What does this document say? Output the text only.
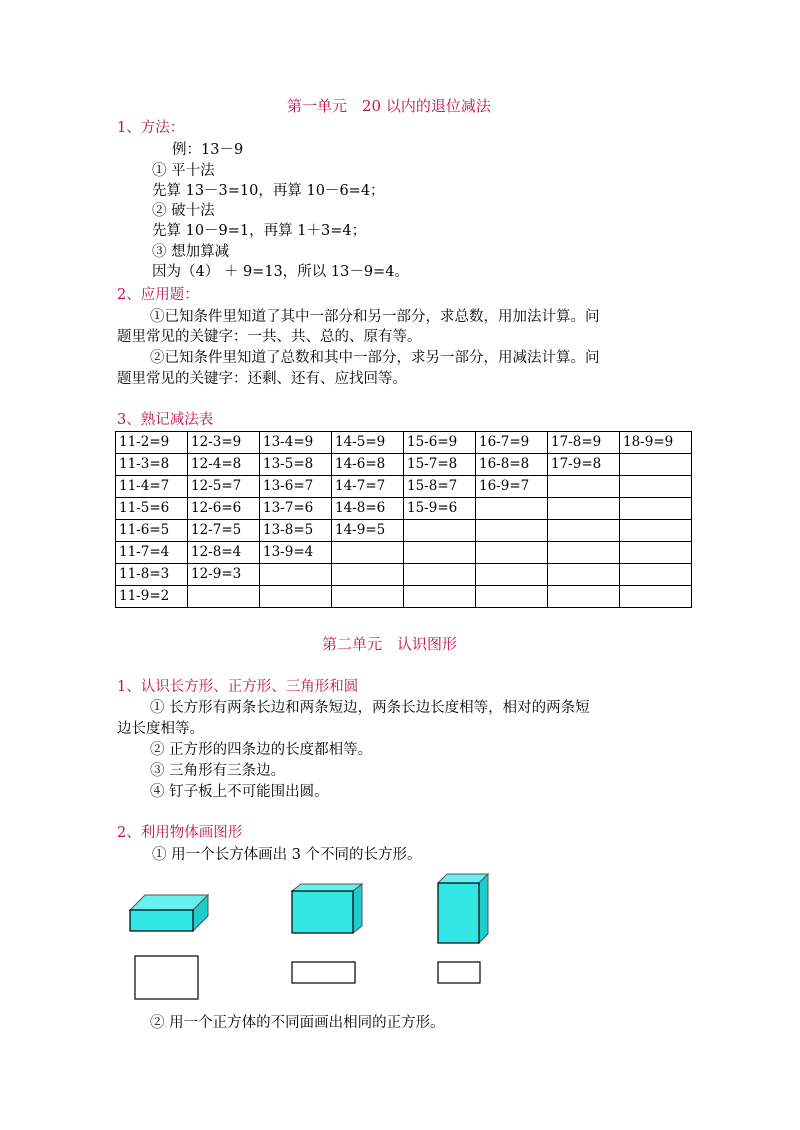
第一单元　20 以内的退位减法
1、方法：
例：13－9
① 平十法
先算 13－3=10，再算 10－6=4；
② 破十法
先算 10－9=1，再算 1＋3=4；
③ 想加算减
因为（4） ＋ 9=13，所以 13－9=4。
2、应用题：
①已知条件里知道了其中一部分和另一部分，求总数，用加法计算。问
题里常见的关键字：一共、共、总的、原有等。
②已知条件里知道了总数和其中一部分，求另一部分，用减法计算。问
题里常见的关键字：还剩、还有、应找回等。
3、熟记减法表
11-2=9	12-3=9	13-4=9	14-5=9	15-6=9	16-7=9	17-8=9	18-9=9
11-3=8	12-4=8	13-5=8	14-6=8	15-7=8	16-8=8	17-9=8	
11-4=7	12-5=7	13-6=7	14-7=7	15-8=7	16-9=7		
11-5=6	12-6=6	13-7=6	14-8=6	15-9=6			
11-6=5	12-7=5	13-8=5	14-9=5				
11-7=4	12-8=4	13-9=4					
11-8=3	12-9=3						
11-9=2							
第二单元　认识图形
1、认识长方形、正方形、三角形和圆
① 长方形有两条长边和两条短边，两条长边长度相等，相对的两条短
边长度相等。
② 正方形的四条边的长度都相等。
③ 三角形有三条边。
④ 钉子板上不可能围出圆。
2、利用物体画图形
① 用一个长方体画出 3 个不同的长方形。
② 用一个正方体的不同面画出相同的正方形。
